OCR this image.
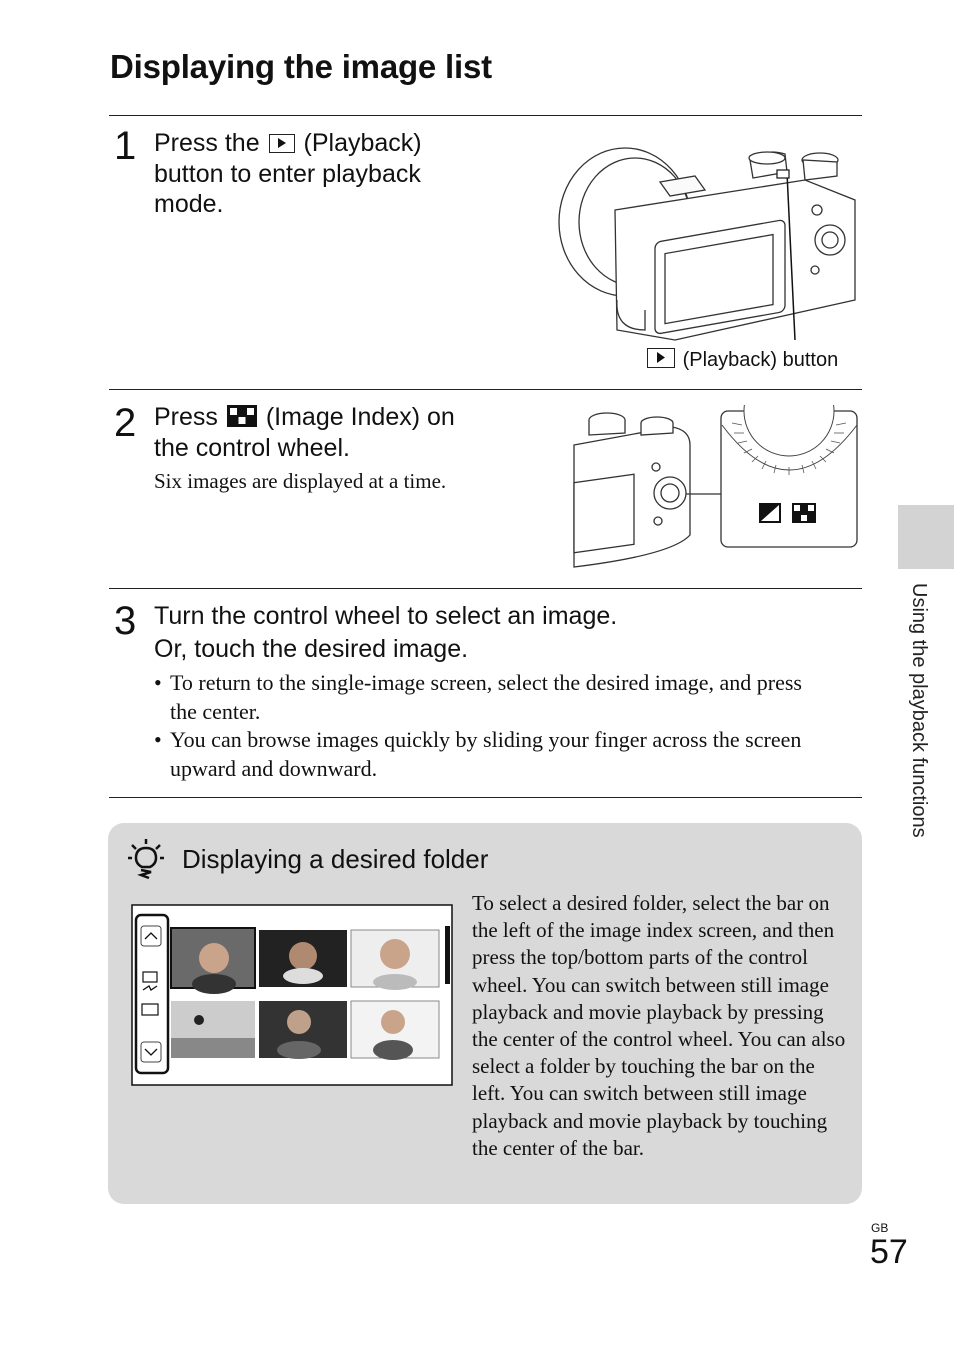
Displaying the image list
1 Press the (Playback)
button to enter playback
mode.
(Playback) button
2 Press (Image Index) on
the control wheel.
Six images are displayed at a time.
3 Turn the control wheel to select an image.
Or, touch the desired image.
• To return to the single-image screen, select the desired image, and press
the center.
• You can browse images quickly by sliding your finger across the screen
upward and downward.
Displaying a desired folder
To select a desired folder, select the bar on the left of the image index screen, and then press the top/bottom parts of the control wheel. You can switch between still image playback and movie playback by pressing the center of the control wheel. You can also select a folder by touching the bar on the left. You can switch between still image playback and movie playback by touching the center of the bar.
Using the playback functions
GB
57
